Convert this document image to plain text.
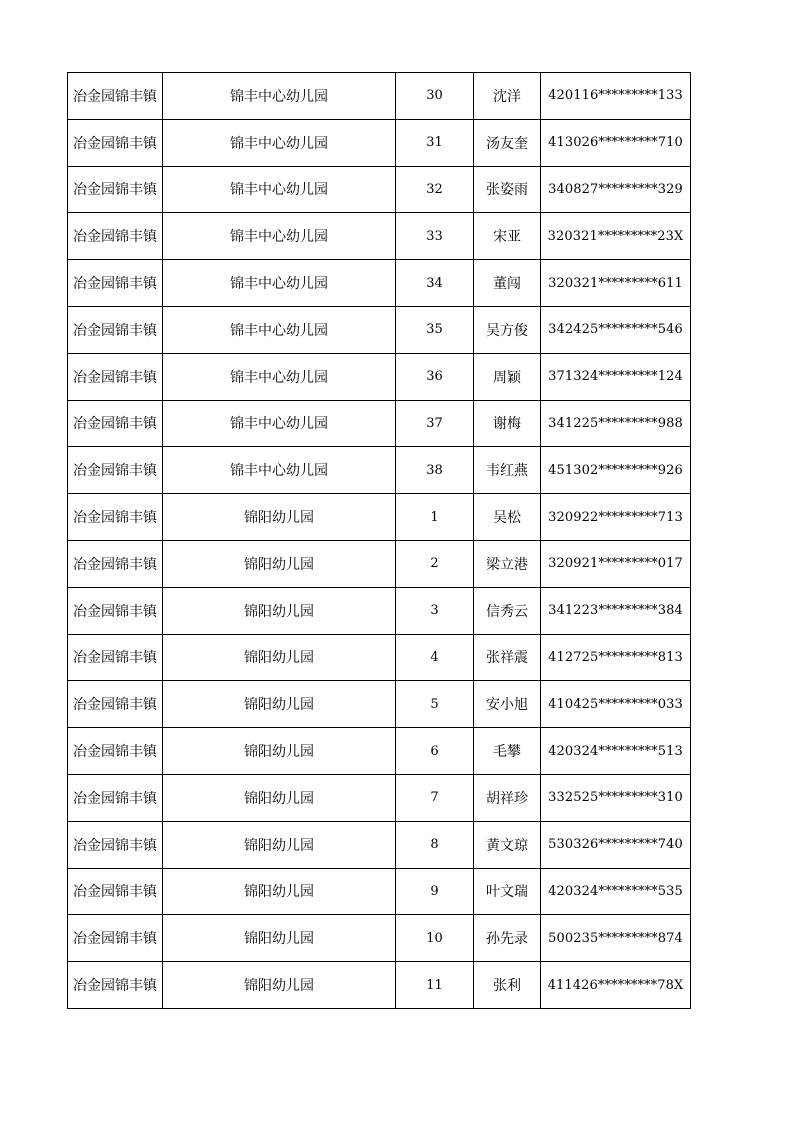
冶金园锦丰镇	锦丰中心幼儿园	30	沈洋	420116*********133
冶金园锦丰镇	锦丰中心幼儿园	31	汤友奎	413026*********710
冶金园锦丰镇	锦丰中心幼儿园	32	张姿雨	340827*********329
冶金园锦丰镇	锦丰中心幼儿园	33	宋亚	320321*********23X
冶金园锦丰镇	锦丰中心幼儿园	34	董闯	320321*********611
冶金园锦丰镇	锦丰中心幼儿园	35	吴方俊	342425*********546
冶金园锦丰镇	锦丰中心幼儿园	36	周颖	371324*********124
冶金园锦丰镇	锦丰中心幼儿园	37	谢梅	341225*********988
冶金园锦丰镇	锦丰中心幼儿园	38	韦红燕	451302*********926
冶金园锦丰镇	锦阳幼儿园	1	吴松	320922*********713
冶金园锦丰镇	锦阳幼儿园	2	梁立港	320921*********017
冶金园锦丰镇	锦阳幼儿园	3	信秀云	341223*********384
冶金园锦丰镇	锦阳幼儿园	4	张祥震	412725*********813
冶金园锦丰镇	锦阳幼儿园	5	安小旭	410425*********033
冶金园锦丰镇	锦阳幼儿园	6	毛攀	420324*********513
冶金园锦丰镇	锦阳幼儿园	7	胡祥珍	332525*********310
冶金园锦丰镇	锦阳幼儿园	8	黄文琼	530326*********740
冶金园锦丰镇	锦阳幼儿园	9	叶文瑞	420324*********535
冶金园锦丰镇	锦阳幼儿园	10	孙先录	500235*********874
冶金园锦丰镇	锦阳幼儿园	11	张利	411426*********78X
